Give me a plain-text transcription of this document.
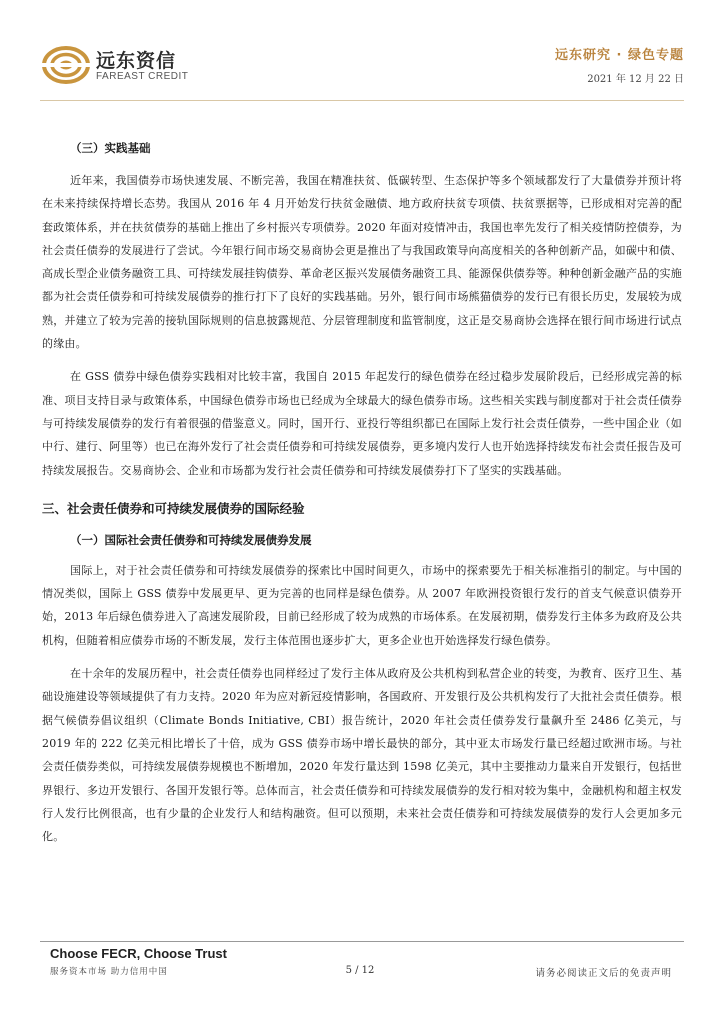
远东资信
FAREAST CREDIT
远东研究 · 绿色专题
2021 年 12 月 22 日
（三）实践基础

近年来，我国债券市场快速发展、不断完善，我国在精准扶贫、低碳转型、生态保护等多个领域都发行了大量债券并预计将在未来持续保持增长态势。我国从 2016 年 4 月开始发行扶贫金融债、地方政府扶贫专项债、扶贫票据等，已形成相对完善的配套政策体系，并在扶贫债券的基础上推出了乡村振兴专项债券。2020 年面对疫情冲击，我国也率先发行了相关疫情防控债券，为社会责任债券的发展进行了尝试。今年银行间市场交易商协会更是推出了与我国政策导向高度相关的各种创新产品，如碳中和债、高成长型企业债务融资工具、可持续发展挂钩债券、革命老区振兴发展债务融资工具、能源保供债券等。种种创新金融产品的实施都为社会责任债券和可持续发展债券的推行打下了良好的实践基础。另外，银行间市场熊猫债券的发行已有很长历史，发展较为成熟，并建立了较为完善的接轨国际规则的信息披露规范、分层管理制度和监管制度，这正是交易商协会选择在银行间市场进行试点的缘由。

在 GSS 债券中绿色债券实践相对比较丰富，我国自 2015 年起发行的绿色债券在经过稳步发展阶段后，已经形成完善的标准、项目支持目录与政策体系，中国绿色债券市场也已经成为全球最大的绿色债券市场。这些相关实践与制度都对于社会责任债券与可持续发展债券的发行有着很强的借鉴意义。同时，国开行、亚投行等组织都已在国际上发行社会责任债券，一些中国企业（如中行、建行、阿里等）也已在海外发行了社会责任债券和可持续发展债券，更多境内发行人也开始选择持续发布社会责任报告及可持续发展报告。交易商协会、企业和市场都为发行社会责任债券和可持续发展债券打下了坚实的实践基础。

三、社会责任债券和可持续发展债券的国际经验
（一）国际社会责任债券和可持续发展债券发展

国际上，对于社会责任债券和可持续发展债券的探索比中国时间更久，市场中的探索要先于相关标准指引的制定。与中国的情况类似，国际上 GSS 债券中发展更早、更为完善的也同样是绿色债券。从 2007 年欧洲投资银行发行的首支气候意识债券开始，2013 年后绿色债券进入了高速发展阶段，目前已经形成了较为成熟的市场体系。在发展初期，债券发行主体多为政府及公共机构，但随着相应债券市场的不断发展，发行主体范围也逐步扩大，更多企业也开始选择发行绿色债券。

在十余年的发展历程中，社会责任债券也同样经过了发行主体从政府及公共机构到私营企业的转变，为教育、医疗卫生、基础设施建设等领域提供了有力支持。2020 年为应对新冠疫情影响，各国政府、开发银行及公共机构发行了大批社会责任债券。根据气候债券倡议组织（Climate Bonds Initiative, CBI）报告统计，2020 年社会责任债券发行量飙升至 2486 亿美元，与 2019 年的 222 亿美元相比增长了十倍，成为 GSS 债券市场中增长最快的部分，其中亚太市场发行量已经超过欧洲市场。与社会责任债券类似，可持续发展债券规模也不断增加，2020 年发行量达到 1598 亿美元，其中主要推动力量来自开发银行，包括世界银行、多边开发银行、各国开发银行等。总体而言，社会责任债券和可持续发展债券的发行相对较为集中，金融机构和超主权发行人发行比例很高，也有少量的企业发行人和结构融资。但可以预期，未来社会责任债券和可持续发展债券的发行人会更加多元化。

Choose FECR, Choose Trust
服务资本市场 助力信用中国	5 / 12	请务必阅读正文后的免责声明
